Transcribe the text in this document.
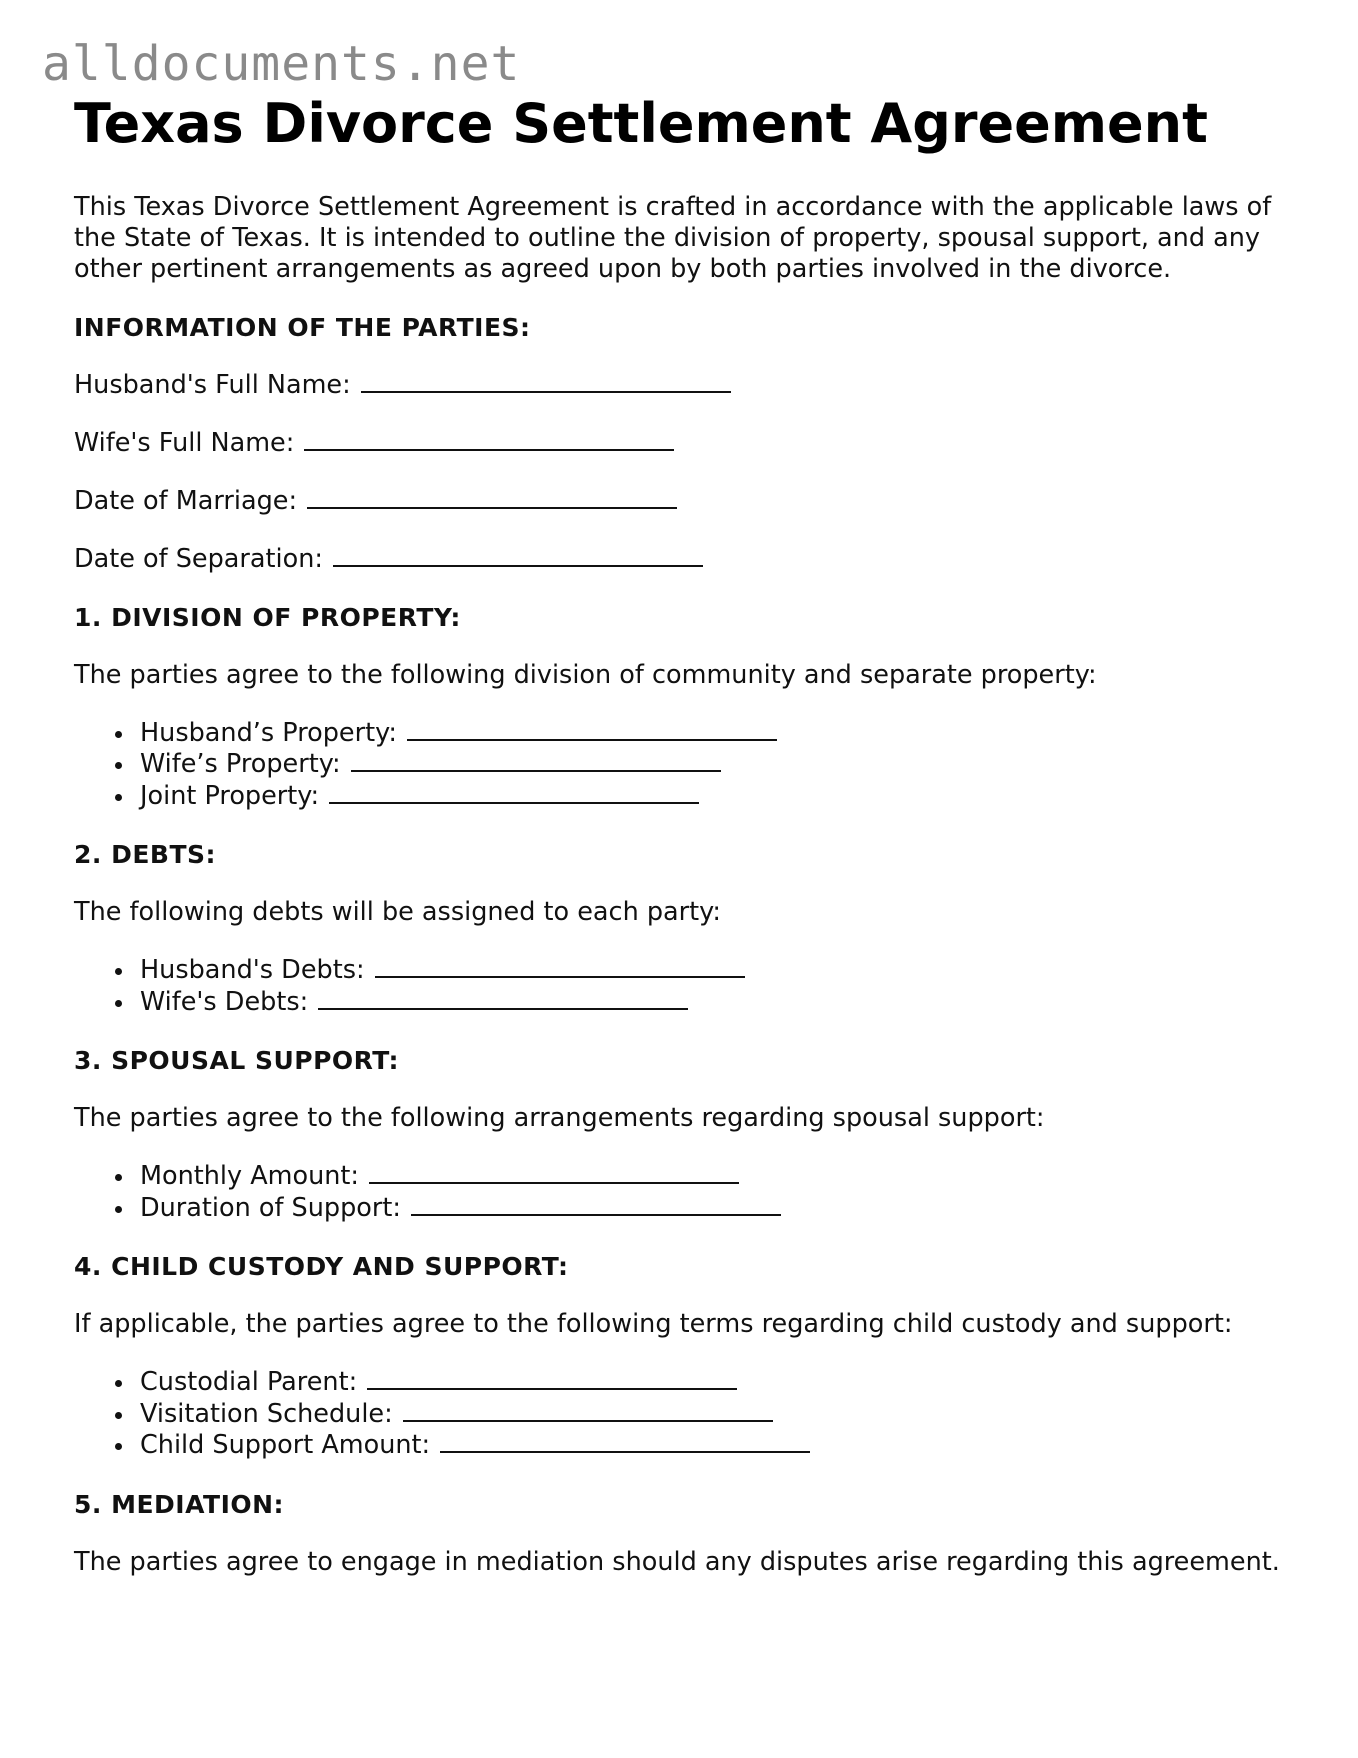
alldocuments.net
Texas Divorce Settlement Agreement

This Texas Divorce Settlement Agreement is crafted in accordance with the applicable laws of the State of Texas. It is intended to outline the division of property, spousal support, and any other pertinent arrangements as agreed upon by both parties involved in the divorce.

INFORMATION OF THE PARTIES:

Husband's Full Name:

Wife's Full Name:

Date of Marriage:

Date of Separation:

1. DIVISION OF PROPERTY:

The parties agree to the following division of community and separate property:

Husband’s Property:
Wife’s Property:
Joint Property:
2. DEBTS:

The following debts will be assigned to each party:

Husband's Debts:
Wife's Debts:
3. SPOUSAL SUPPORT:

The parties agree to the following arrangements regarding spousal support:

Monthly Amount:
Duration of Support:
4. CHILD CUSTODY AND SUPPORT:

If applicable, the parties agree to the following terms regarding child custody and support:

Custodial Parent:
Visitation Schedule:
Child Support Amount:
5. MEDIATION:

The parties agree to engage in mediation should any disputes arise regarding this agreement.
